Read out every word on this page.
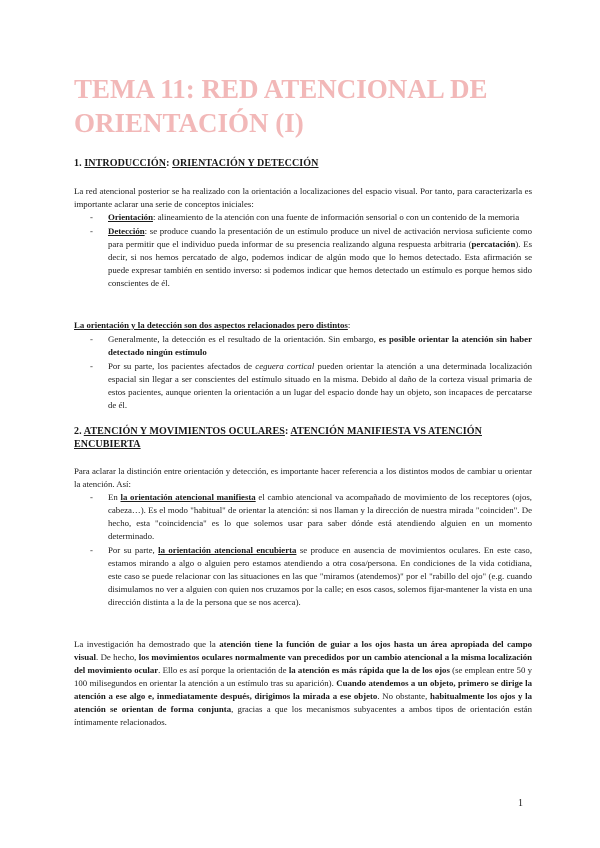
TEMA 11: RED ATENCIONAL DE ORIENTACIÓN (I)
1. INTRODUCCIÓN: ORIENTACIÓN Y DETECCIÓN

La red atencional posterior se ha realizado con la orientación a localizaciones del espacio visual. Por tanto, para caracterizarla es importante aclarar una serie de conceptos iniciales:

- Orientación: alineamiento de la atención con una fuente de información sensorial o con un contenido de la memoria
- Detección: se produce cuando la presentación de un estímulo produce un nivel de activación nerviosa suficiente como para permitir que el individuo pueda informar de su presencia realizando alguna respuesta arbitraria (percatación). Es decir, si nos hemos percatado de algo, podemos indicar de algún modo que lo hemos detectado. Esta afirmación se puede expresar también en sentido inverso: si podemos indicar que hemos detectado un estímulo es porque hemos sido conscientes de él.

La orientación y la detección son dos aspectos relacionados pero distintos:

- Generalmente, la detección es el resultado de la orientación. Sin embargo, es posible orientar la atención sin haber detectado ningún estímulo
- Por su parte, los pacientes afectados de ceguera cortical pueden orientar la atención a una determinada localización espacial sin llegar a ser conscientes del estímulo situado en la misma. Debido al daño de la corteza visual primaria de estos pacientes, aunque orienten la orientación a un lugar del espacio donde hay un objeto, son incapaces de percatarse de él.
2. ATENCIÓN Y MOVIMIENTOS OCULARES: ATENCIÓN MANIFIESTA VS ATENCIÓN ENCUBIERTA

Para aclarar la distinción entre orientación y detección, es importante hacer referencia a los distintos modos de cambiar u orientar la atención. Así:

- En la orientación atencional manifiesta el cambio atencional va acompañado de movimiento de los receptores (ojos, cabeza…). Es el modo "habitual" de orientar la atención: si nos llaman y la dirección de nuestra mirada "coinciden". De hecho, esta "coincidencia" es lo que solemos usar para saber dónde está atendiendo alguien en un momento determinado.
- Por su parte, la orientación atencional encubierta se produce en ausencia de movimientos oculares. En este caso, estamos mirando a algo o alguien pero estamos atendiendo a otra cosa/persona. En condiciones de la vida cotidiana, este caso se puede relacionar con las situaciones en las que "miramos (atendemos)" por el "rabillo del ojo" (e.g. cuando disimulamos no ver a alguien con quien nos cruzamos por la calle; en esos casos, solemos fijar-mantener la vista en una dirección distinta a la de la persona que se nos acerca).

La investigación ha demostrado que la atención tiene la función de guiar a los ojos hasta un área apropiada del campo visual. De hecho, los movimientos oculares normalmente van precedidos por un cambio atencional a la misma localización del movimiento ocular. Ello es así porque la orientación de la atención es más rápida que la de los ojos (se emplean entre 50 y 100 milisegundos en orientar la atención a un estímulo tras su aparición). Cuando atendemos a un objeto, primero se dirige la atención a ese algo e, inmediatamente después, dirigimos la mirada a ese objeto. No obstante, habitualmente los ojos y la atención se orientan de forma conjunta, gracias a que los mecanismos subyacentes a ambos tipos de orientación están íntimamente relacionados.

1
